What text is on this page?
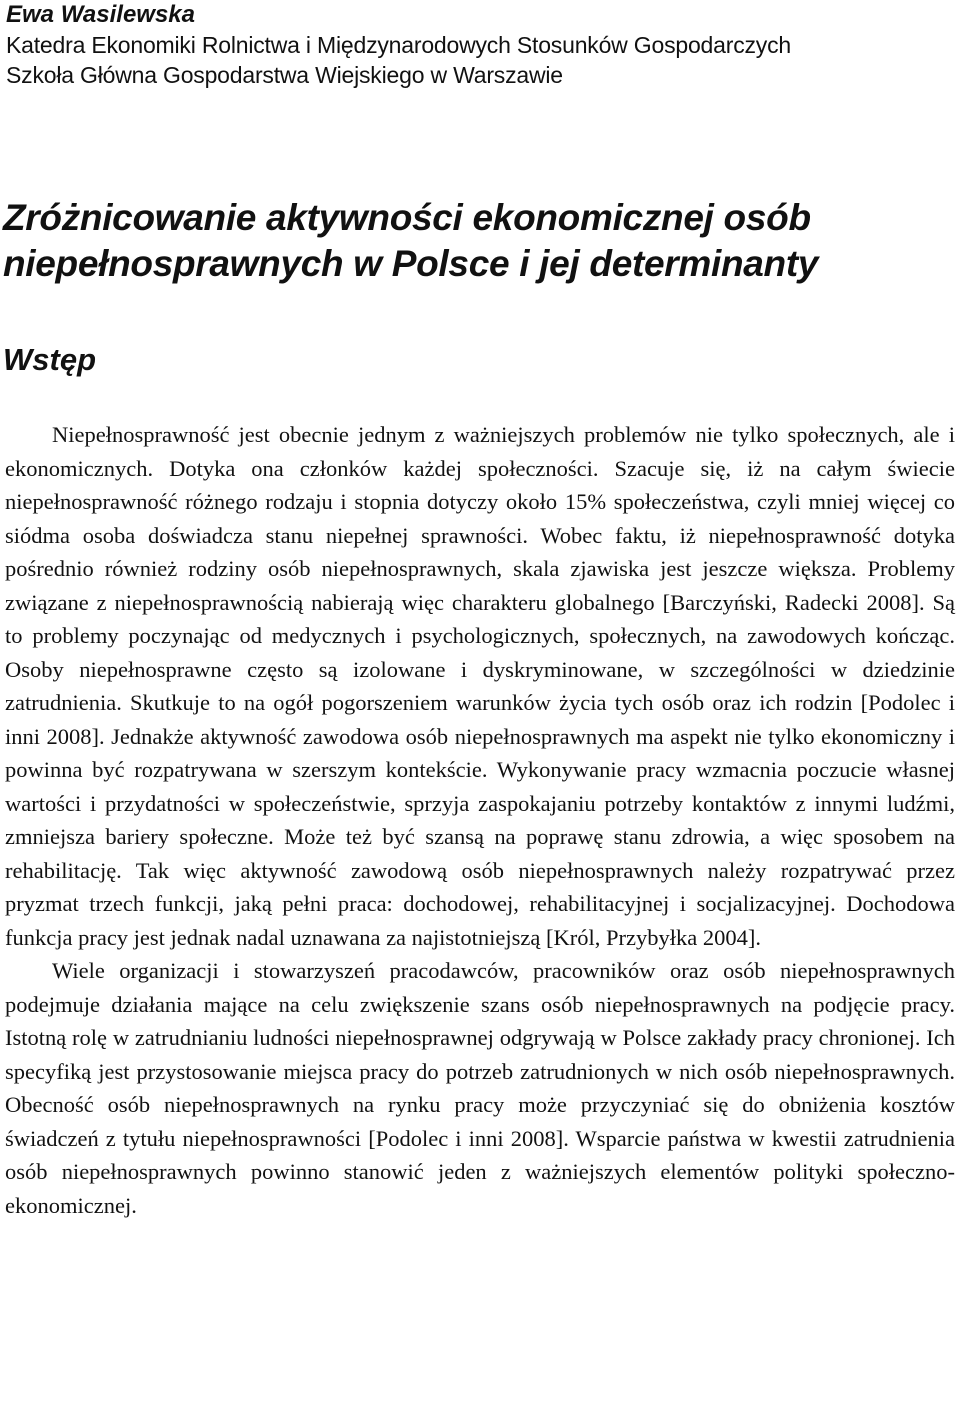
Ewa Wasilewska

Katedra Ekonomiki Rolnictwa i Międzynarodowych Stosunków Gospodarczych

Szkoła Główna Gospodarstwa Wiejskiego w Warszawie

Zróżnicowanie aktywności ekonomicznej osób niepełnosprawnych w Polsce i jej determinanty
Wstęp

Niepełnosprawność jest obecnie jednym z ważniejszych problemów nie tylko społecznych, ale i ekonomicznych. Dotyka ona członków każdej społeczności. Szacuje się, iż na całym świecie niepełnosprawność różnego rodzaju i stopnia dotyczy około 15% społeczeństwa, czyli mniej więcej co siódma osoba doświadcza stanu niepełnej sprawności. Wobec faktu, iż niepełnosprawność dotyka pośrednio również rodziny osób niepełnosprawnych, skala zjawiska jest jeszcze większa. Problemy związane z niepełnosprawnością nabierają więc charakteru globalnego [Barczyński, Radecki 2008]. Są to problemy poczynając od medycznych i psychologicznych, społecznych, na zawodowych kończąc. Osoby niepełnosprawne często są izolowane i dyskryminowane, w szczególności w dziedzinie zatrudnienia. Skutkuje to na ogół pogorszeniem warunków życia tych osób oraz ich rodzin [Podolec i inni 2008]. Jednakże aktywność zawodowa osób niepełnosprawnych ma aspekt nie tylko ekonomiczny i powinna być rozpatrywana w szerszym kontekście. Wykonywanie pracy wzmacnia poczucie własnej wartości i przydatności w społeczeństwie, sprzyja zaspokajaniu potrzeby kontaktów z innymi ludźmi, zmniejsza bariery społeczne. Może też być szansą na poprawę stanu zdrowia, a więc sposobem na rehabilitację. Tak więc aktywność zawodową osób niepełnosprawnych należy rozpatrywać przez pryzmat trzech funkcji, jaką pełni praca: dochodowej, rehabilitacyjnej i socjalizacyjnej. Dochodowa funkcja pracy jest jednak nadal uznawana za najistotniejszą [Król, Przybyłka 2004].

Wiele organizacji i stowarzyszeń pracodawców, pracowników oraz osób niepełnosprawnych podejmuje działania mające na celu zwiększenie szans osób niepełnosprawnych na podjęcie pracy. Istotną rolę w zatrudnianiu ludności niepełnosprawnej odgrywają w Polsce zakłady pracy chronionej. Ich specyfiką jest przystosowanie miejsca pracy do potrzeb zatrudnionych w nich osób niepełnosprawnych. Obecność osób niepełnosprawnych na rynku pracy może przyczyniać się do obniżenia kosztów świadczeń z tytułu niepełnosprawności [Podolec i inni 2008]. Wsparcie państwa w kwestii zatrudnienia osób niepełnosprawnych powinno stanowić jeden z ważniejszych elementów polityki społeczno-ekonomicznej.
